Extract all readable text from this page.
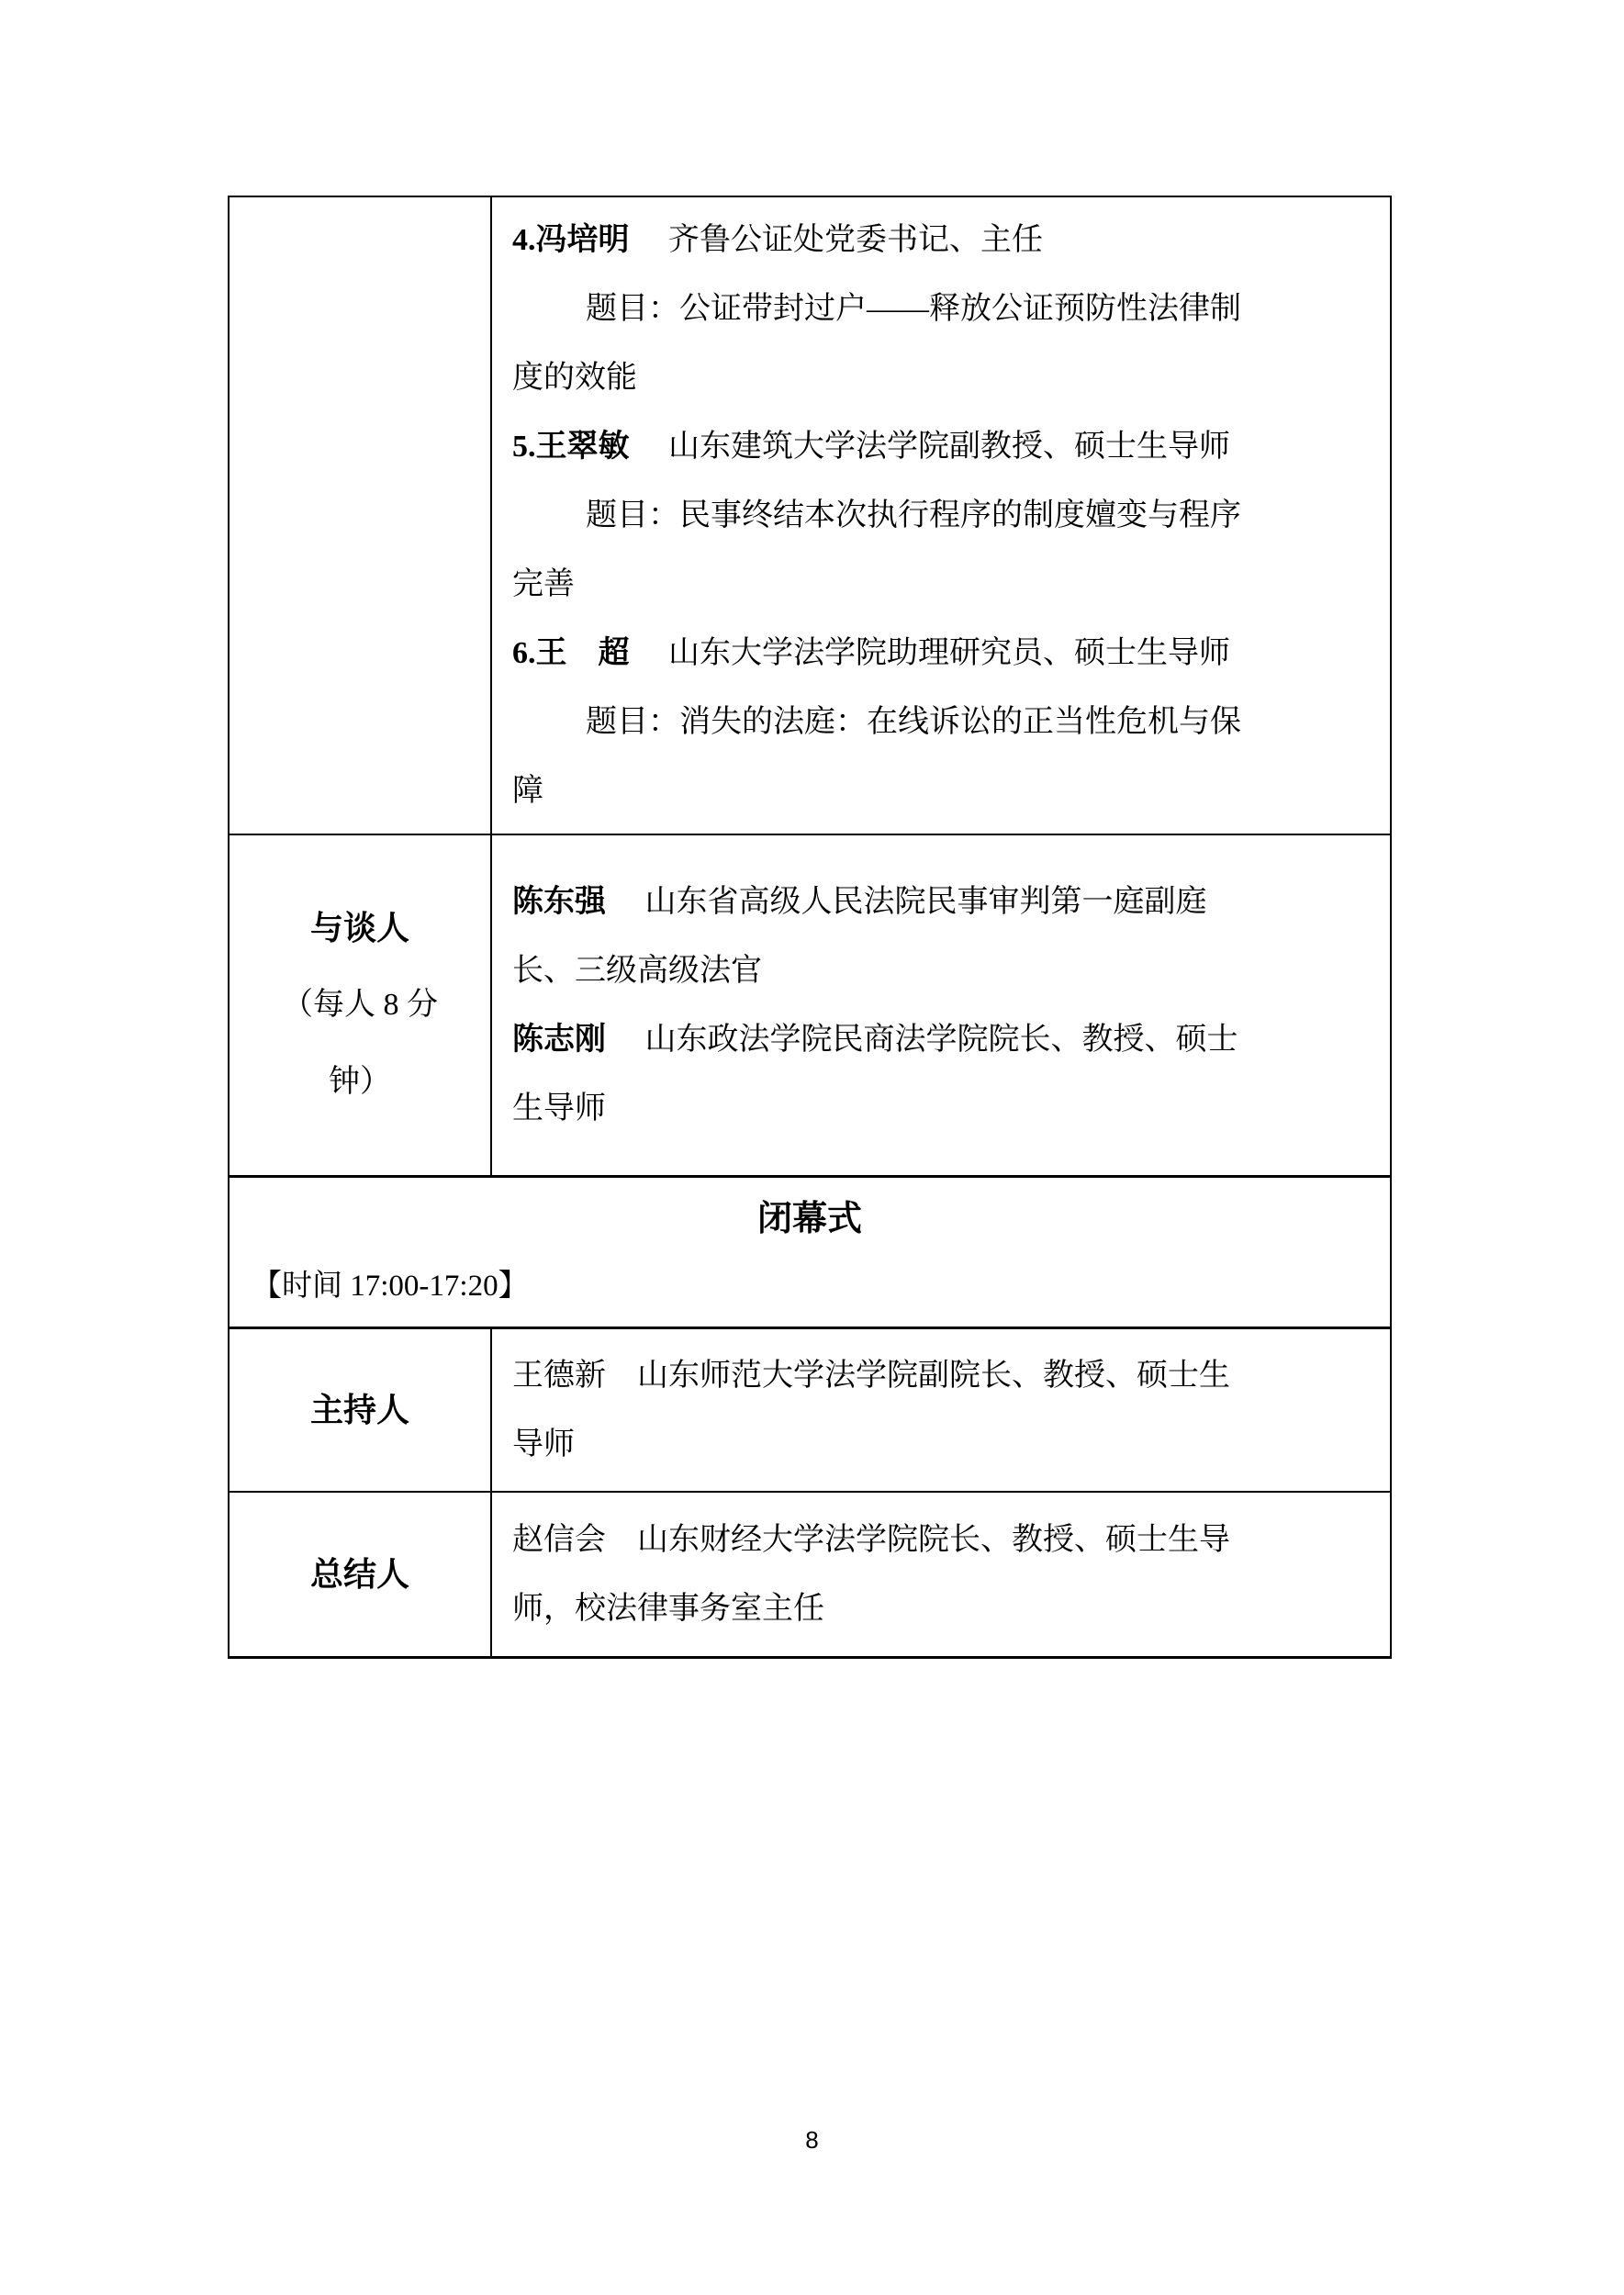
4.冯培明　 齐鲁公证处党委书记、主任
题目：公证带封过户——释放公证预防性法律制
度的效能
5.王翠敏　 山东建筑大学法学院副教授、硕士生导师
题目：民事终结本次执行程序的制度嬗变与程序
完善
6.王　超　 山东大学法学院助理研究员、硕士生导师
题目：消失的法庭：在线诉讼的正当性危机与保
障
与谈人
（每人 8 分
钟）
陈东强　 山东省高级人民法院民事审判第一庭副庭
长、三级高级法官
陈志刚　 山东政法学院民商法学院院长、教授、硕士
生导师
闭幕式
【时间 17:00-17:20】
主持人
王德新　山东师范大学法学院副院长、教授、硕士生
导师
总结人
赵信会　山东财经大学法学院院长、教授、硕士生导
师，校法律事务室主任
8
